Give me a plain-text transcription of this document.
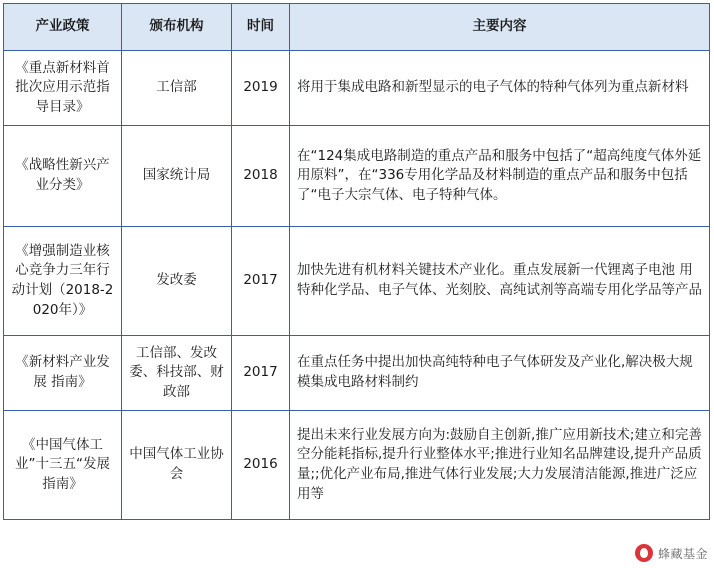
产业政策	颁布机构	时间	主要内容
《重点新材料首批次应用示范指导目录》	工信部	2019	将用于集成电路和新型显示的电子气体的特种气体列为重点新材料
《战略性新兴产业分类》	国家统计局	2018	在“124集成电路制造的重点产品和服务中包括了“超高纯度气体外延用原料”，在“336专用化学品及材料制造的重点产品和服务中包括了“电子大宗气体、电子特种气体。
《增强制造业核心竞争力三年行动计划（2018-2020年）》	发改委	2017	加快先进有机材料关键技术产业化。重点发展新一代锂离子电池 用特种化学品、电子气体、光刻胶、高纯试剂等高端专用化学品等产品
《新材料产业发展 指南》	工信部、发改委、科技部、财政部	2017	在重点任务中提出加快高纯特种电子气体研发及产业化,解决极大规模集成电路材料制约
《中国气体工业”十三五“发展指南》	中国气体工业协会	2016	提出未来行业发展方向为:鼓励自主创新,推广应用新技术;建立和完善空分能耗指标,提升行业整体水平;推进行业知名品牌建设,提升产品质量;;优化产业布局,推进气体行业发展;大力发展清洁能源,推进广泛应用等
蜂藏基金
